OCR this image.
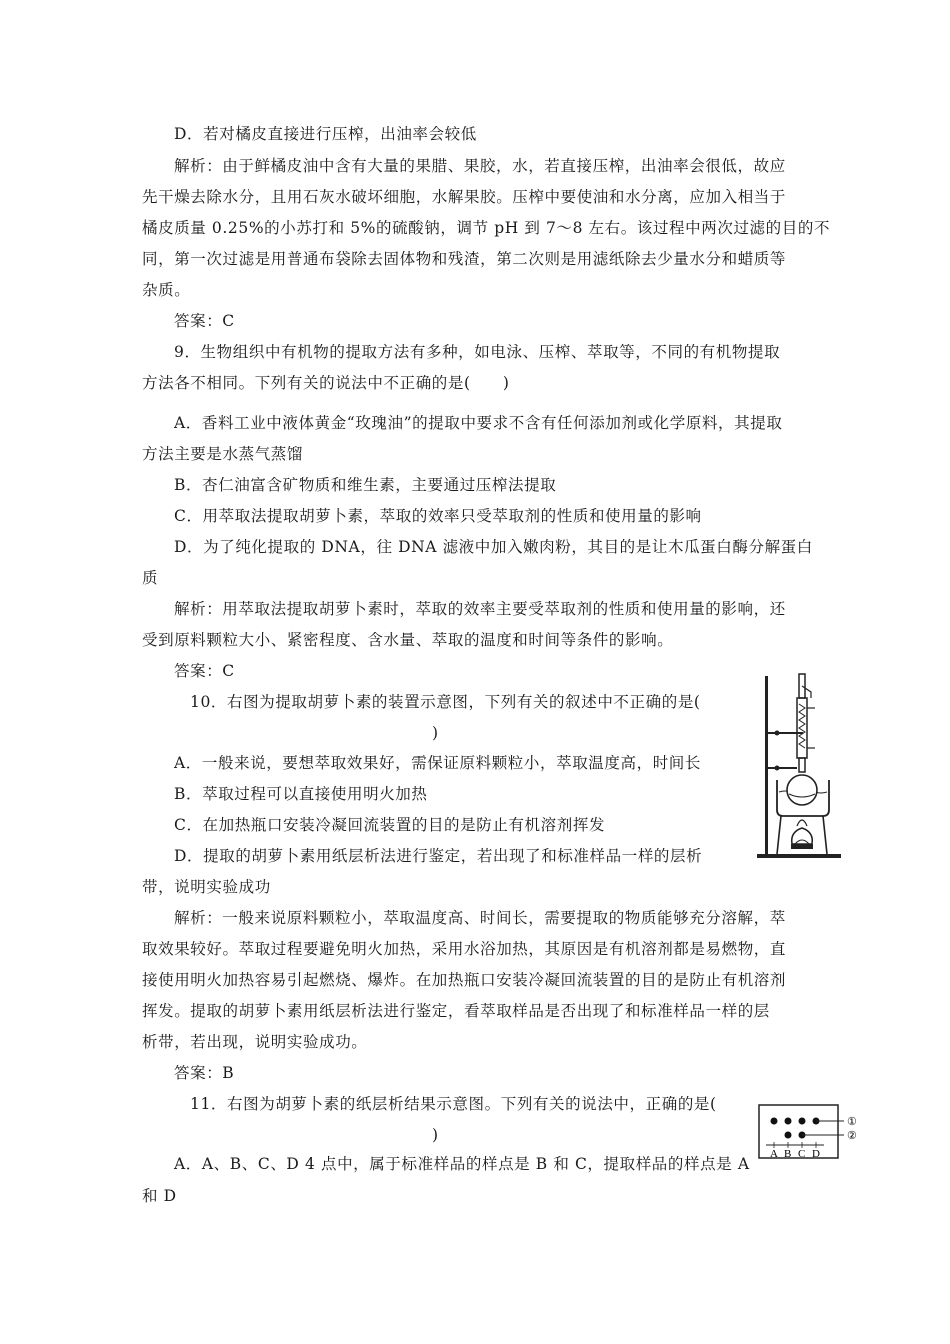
D．若对橘皮直接进行压榨，出油率会较低
解析：由于鲜橘皮油中含有大量的果腊、果胶，水，若直接压榨，出油率会很低，故应
先干燥去除水分，且用石灰水破坏细胞，水解果胶。压榨中要使油和水分离，应加入相当于
橘皮质量 0.25%的小苏打和 5%的硫酸钠，调节 pH 到 7～8 左右。该过程中两次过滤的目的不
同，第一次过滤是用普通布袋除去固体物和残渣，第二次则是用滤纸除去少量水分和蜡质等
杂质。
答案：C
9．生物组织中有机物的提取方法有多种，如电泳、压榨、萃取等，不同的有机物提取
方法各不相同。下列有关的说法中不正确的是(　　)
A．香料工业中液体黄金“玫瑰油”的提取中要求不含有任何添加剂或化学原料，其提取
方法主要是水蒸气蒸馏
B．杏仁油富含矿物质和维生素，主要通过压榨法提取
C．用萃取法提取胡萝卜素，萃取的效率只受萃取剂的性质和使用量的影响
D．为了纯化提取的 DNA，往 DNA 滤液中加入嫩肉粉，其目的是让木瓜蛋白酶分解蛋白
质
解析：用萃取法提取胡萝卜素时，萃取的效率主要受萃取剂的性质和使用量的影响，还
受到原料颗粒大小、紧密程度、含水量、萃取的温度和时间等条件的影响。
答案：C
10．右图为提取胡萝卜素的装置示意图，下列有关的叙述中不正确的是(
)
A．一般来说，要想萃取效果好，需保证原料颗粒小，萃取温度高，时间长
B．萃取过程可以直接使用明火加热
C．在加热瓶口安装冷凝回流装置的目的是防止有机溶剂挥发
D．提取的胡萝卜素用纸层析法进行鉴定，若出现了和标准样品一样的层析
带，说明实验成功
解析：一般来说原料颗粒小，萃取温度高、时间长，需要提取的物质能够充分溶解，萃
取效果较好。萃取过程要避免明火加热，采用水浴加热，其原因是有机溶剂都是易燃物，直
接使用明火加热容易引起燃烧、爆炸。在加热瓶口安装冷凝回流装置的目的是防止有机溶剂
挥发。提取的胡萝卜素用纸层析法进行鉴定，看萃取样品是否出现了和标准样品一样的层
析带，若出现，说明实验成功。
答案：B
11．右图为胡萝卜素的纸层析结果示意图。下列有关的说法中，正确的是(
)
A．A、B、C、D 4 点中，属于标准样品的样点是 B 和 C，提取样品的样点是 A
和 D
①
②
A B C D
